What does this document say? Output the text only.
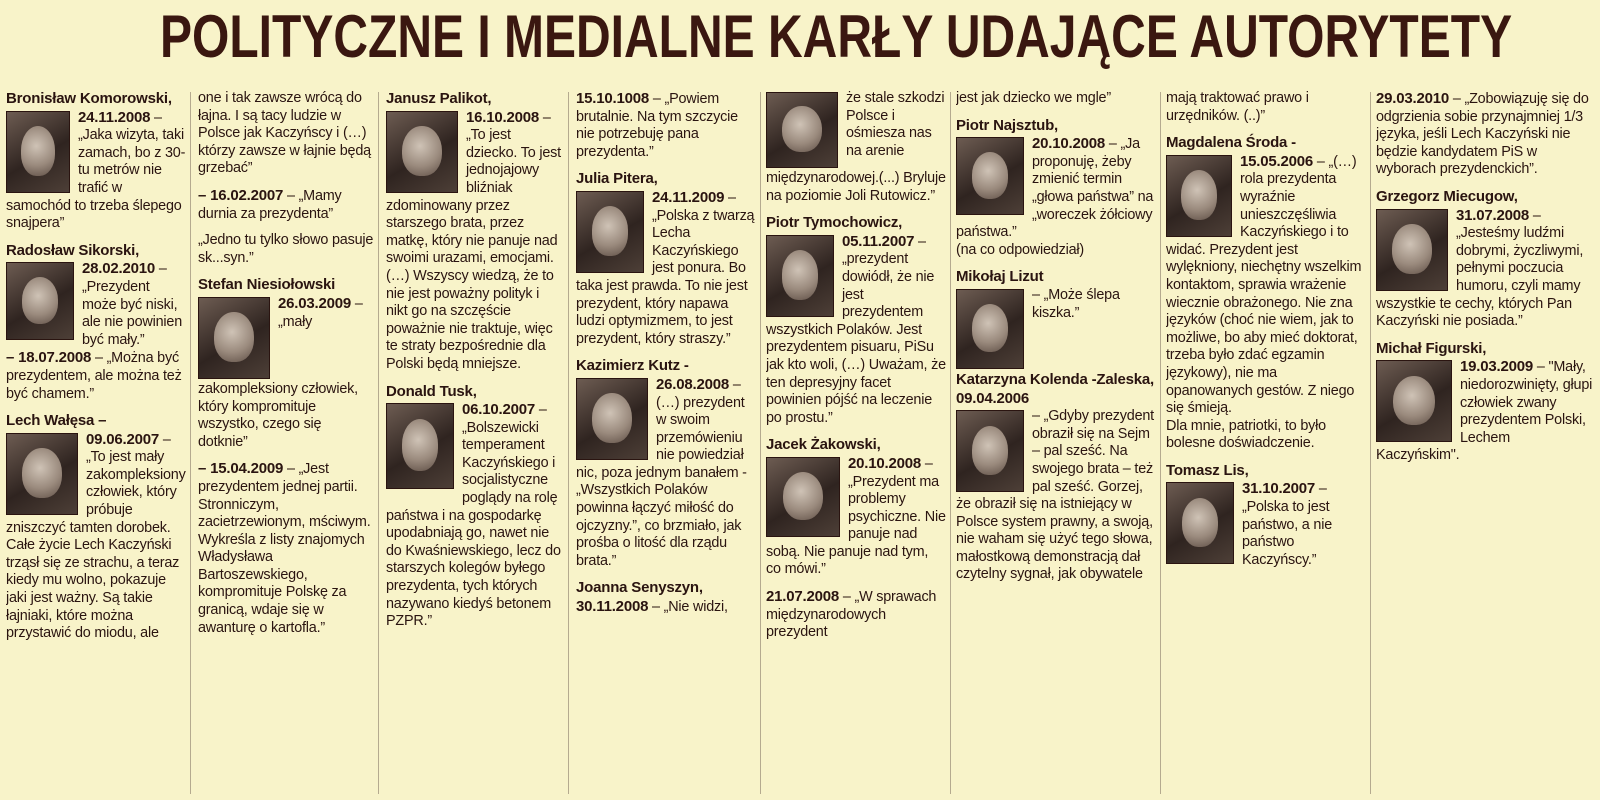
POLITYCZNE I MEDIALNE KARŁY UDAJĄCE AUTORYTETY

Bronisław Komorowski,
24.11.2008
– „Jaka wizyta, taki zamach, bo z 30-tu metrów nie trafić w samochód to trzeba ślepego snajpera”

Radosław Sikorski,
28.02.2010
– „Prezydent może być niski, ale nie powinien być mały.”
– 18.07.2008 – „Można być prezydentem, ale można też być chamem.”

Lech Wałęsa –
09.06.2007
– „To jest mały zakompleksiony człowiek, który próbuje zniszczyć tamten dorobek. Całe życie Lech Kaczyński trząsł się ze strachu, a teraz kiedy mu wolno, pokazuje jaki jest ważny. Są takie łajniaki, które można przystawić do miodu, ale

one i tak zawsze wrócą do łajna. I są tacy ludzie w Polsce jak Kaczyńscy i (…) którzy zawsze w łajnie będą grzebać”

– 16.02.2007 – „Mamy durnia za prezydenta”

„Jedno tu tylko słowo pasuje sk...syn.”

Stefan Niesiołowski
26.03.2009
– „mały zakompleksiony człowiek, który kompromituje wszystko, czego się dotknie”

– 15.04.2009 – „Jest prezydentem jednej partii. Stronniczym, zacietrzewionym, mściwym. Wykreśla z listy znajomych Władysława Bartoszewskiego, kompromituje Polskę za granicą, wdaje się w awanturę o kartofla.”

Janusz Palikot,
16.10.2008
– „To jest dziecko. To jest jednojajowy bliźniak zdominowany przez starszego brata, przez matkę, który nie panuje nad swoimi urazami, emocjami. (…) Wszyscy wiedzą, że to nie jest poważny polityk i nikt go na szczęście poważnie nie traktuje, więc te straty bezpośrednie dla Polski będą mniejsze.

Donald Tusk,
06.10.2007
– „Bolszewicki temperament Kaczyńskiego i socjalistyczne poglądy na rolę państwa i na gospodarkę upodabniają go, nawet nie do Kwaśniewskiego, lecz do starszych kolegów byłego prezydenta, tych których nazywano kiedyś betonem PZPR.”

15.10.1008 – „Powiem brutalnie. Na tym szczycie nie potrzebuję pana prezydenta.”

Julia Pitera,
24.11.2009
– „Polska z twarzą Lecha Kaczyńskiego jest ponura. Bo taka jest prawda. To nie jest prezydent, który napawa ludzi optymizmem, to jest prezydent, który straszy.”

Kazimierz Kutz -
26.08.2008
– (…) prezydent w swoim przemówieniu nie powiedział nic, poza jednym banałem - „Wszystkich Polaków powinna łączyć miłość do ojczyzny.”, co brzmiało, jak prośba o litość dla rządu brata.”

Joanna Senyszyn,
30.11.2008 – „Nie widzi,

że stale szkodzi Polsce i ośmiesza nas na arenie międzynarodowej.(...) Bryluje na poziomie Joli Rutowicz.”

Piotr Tymochowicz,
05.11.2007
– „prezydent dowiódł, że nie jest prezydentem wszystkich Polaków. Jest prezydentem pisuaru, PiSu jak kto woli, (…) Uważam, że ten depresyjny facet powinien pójść na leczenie po prostu.”

Jacek Żakowski,
20.10.2008
– „Prezydent ma problemy psychiczne. Nie panuje nad sobą. Nie panuje nad tym, co mówi.”

21.07.2008 – „W sprawach międzynarodowych prezydent

jest jak dziecko we mgle”

Piotr Najsztub,
20.10.2008
– „Ja proponuję, żeby zmienić termin „głowa państwa” na „woreczek żółciowy państwa.”
(na co odpowiedział)

Mikołaj Lizut

– „Może ślepa kiszka.”

Katarzyna Kolenda -Zaleska, 09.04.2006

– „Gdyby prezydent obraził się na Sejm – pal sześć. Na swojego brata – też pal sześć. Gorzej, że obraził się na istniejący w Polsce system prawny, a swoją, nie waham się użyć tego słowa, małostkową demonstracją dał czytelny sygnał, jak obywatele

mają traktować prawo i urzędników. (..)”

Magdalena Środa -
15.05.2006
– „(…) rola prezydenta wyraźnie unieszczęśliwia Kaczyńskiego i to widać. Prezydent jest wylękniony, niechętny wszelkim kontaktom, sprawia wrażenie wiecznie obrażonego. Nie zna języków (choć nie wiem, jak to możliwe, bo aby mieć doktorat, trzeba było zdać egzamin językowy), nie ma opanowanych gestów. Z niego się śmieją.
Dla mnie, patriotki, to było bolesne doświadczenie.

Tomasz Lis,
31.10.2007
– „Polska to jest państwo, a nie państwo Kaczyńscy.”

29.03.2010 – „Zobowiązuję się do odgrzienia sobie przynajmniej 1/3 języka, jeśli Lech Kaczyński nie będzie kandydatem PiS w wyborach prezydenckich”.

Grzegorz Miecugow,
31.07.2008
– „Jesteśmy ludźmi dobrymi, życzliwymi, pełnymi poczucia humoru, czyli mamy wszystkie te cechy, których Pan Kaczyński nie posiada.”

Michał Figurski,
19.03.2009
– "Mały, niedorozwinięty, głupi człowiek zwany prezydentem Polski, Lechem Kaczyńskim".
